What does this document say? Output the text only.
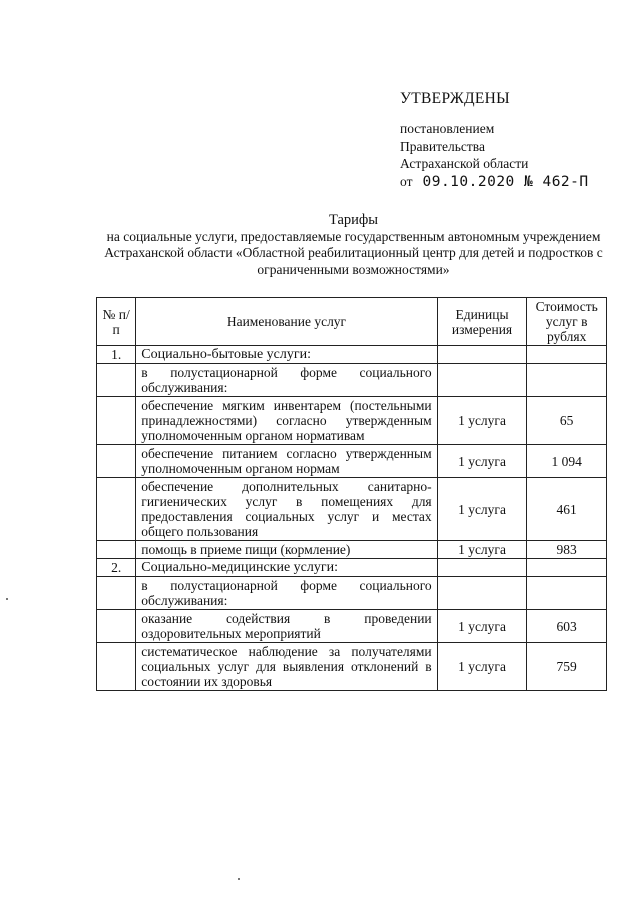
УТВЕРЖДЕНЫ
постановлением
Правительства
Астраханской области
от 09.10.2020 № 462-П
Тарифы
на социальные услуги, предоставляемые государственным автономным учреждением Астраханской области «Областной реабилитационный центр для детей и подростков с ограниченными возможностями»
№ п/п	Наименование услуг	Единицы измерения	Стоимость услуг в рублях
1.	Социально-бытовые услуги:		
	в полустационарной форме социального обслуживания:		
	обеспечение мягким инвентарем (постельными принадлежностями) согласно утвержденным уполномоченным органом нормативам	1 услуга	65
	обеспечение питанием согласно утвержденным уполномоченным органом нормам	1 услуга	1 094
	обеспечение дополнительных санитарно-гигиенических услуг в помещениях для предоставления социальных услуг и местах общего пользования	1 услуга	461
	помощь в приеме пищи (кормление)	1 услуга	983
2.	Социально-медицинские услуги:		
	в полустационарной форме социального обслуживания:		
	оказание содействия в проведении оздоровительных мероприятий	1 услуга	603
	систематическое наблюдение за получателями социальных услуг для выявления отклонений в состоянии их здоровья	1 услуга	759
